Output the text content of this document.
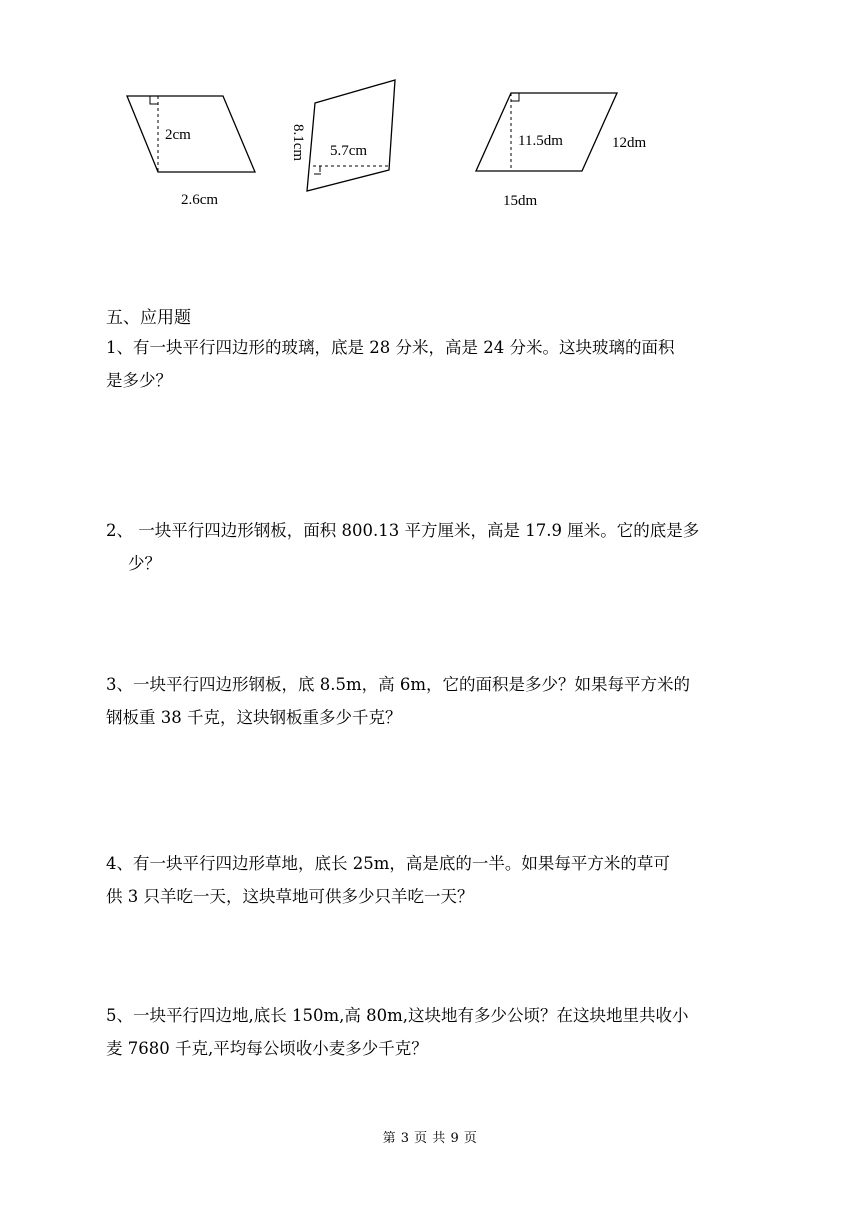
2cm
2.6cm
8.1cm 5.7cm
11.5dm	12dm
15dm
五、应用题
1、有一块平行四边形的玻璃，底是 28 分米，高是 24 分米。这块玻璃的面积
是多少？
2、 一块平行四边形钢板，面积 800.13 平方厘米，高是 17.9 厘米。它的底是多
少？
3、一块平行四边形钢板，底 8.5m，高 6m，它的面积是多少？如果每平方米的
钢板重 38 千克，这块钢板重多少千克？
4、有一块平行四边形草地，底长 25m，高是底的一半。如果每平方米的草可
供 3 只羊吃一天，这块草地可供多少只羊吃一天？
5、一块平行四边地,底长 150m,高 80m,这块地有多少公顷？在这块地里共收小
麦 7680 千克,平均每公顷收小麦多少千克？
第 3 页 共 9 页
